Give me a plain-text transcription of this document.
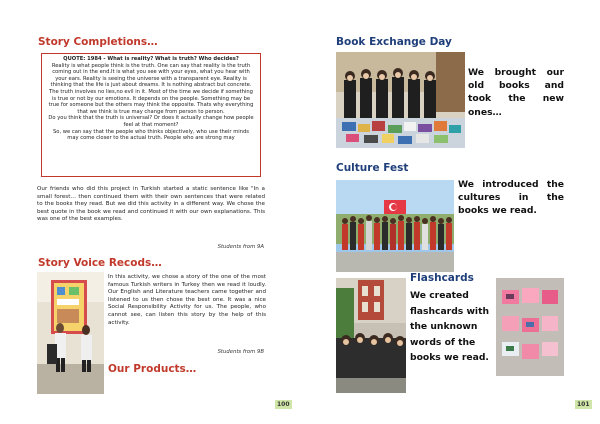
Story Completions…

QUOTE: 1984 - What is reality? What is truth? Who decides?

Reality is what people think is the truth. One can say that reality is the truth coming out in the end.It is what you see with your eyes, what you hear with your ears. Reality is seeing the universe with a transparent eye. Reality is thinking that the life is just about dreams. It is nothing abstract but concrete.

The truth involves no lies,no evil in it. Most of the time we decide if something is true or not by our emotions. It depends on the people. Something may be true for someone but the others may think the opposite. Thats why everything that we think is true may change from person to person.

Do you think that the truth is universal? Or does it actually change how people feel at that moment?

So, we can say that the people who thinks objectively, who use their minds may come closer to the actual truth. People who are strong may

Our friends who did this project in Turkish started a static sentence like "In a small forest… then continued them with their own sentences that were related to the books they read. But we did this activity in a different way. We chose the best quote in the book we read and continued it with our own explanations. This was one of the best examples.
Students from 9A
Story Voice Recods…
In this activity, we chose a story of the one of the most famous Turkish writers in Turkey then we read it loudly. Our English and Literature teachers came together and listened to us then chose the best one. It was a nice Social Responsibility Activity for us. The people, who cannot see, can listen this story by the help of this activity.
Students from 9B
Our Products…
100
Book Exchange Day
We brought our old books and took the new ones…
Culture Fest
We introduced the cultures in the books we read.
Flashcards
We created
flashcards with
the unknown
words of the
books we read.
101
